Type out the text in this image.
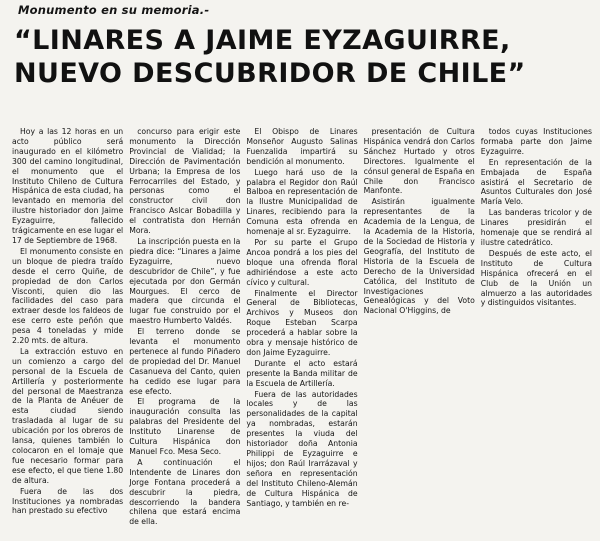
Monumento en su memoria.-
“LINARES A JAIME EYZAGUIRRE,
NUEVO DESCUBRIDOR DE CHILE”

Hoy a las 12 horas en un acto público será inaugurado en el kilómetro 300 del camino longitudinal, el monumento que el Instituto Chileno de Cultura Hispánica de esta ciudad, ha levantado en memoria del ilustre historiador don Jaime Eyzaguirre, fallecido trágicamente en ese lugar el 17 de Septiembre de 1968.

El monumento consiste en un bloque de piedra traído desde el cerro Quiñe, de propiedad de don Carlos Visconti, quien dio las facilidades del caso para extraer desde los faldeos de ese cerro este peñón que pesa 4 toneladas y mide 2.20 mts. de altura.

La extracción estuvo en un comienzo a cargo del personal de la Escuela de Artillería y posteriormente del personal de Maestranza de la Planta de Anéuer de esta ciudad siendo trasladada al lugar de su ubicación por los obreros de Iansa, quienes también lo colocaron en el lomaje que fue necesario formar para ese efecto, el que tiene 1.80 de altura.

Fuera de las dos Instituciones ya nombradas han prestado su efectivo

concurso para erigir este monumento la Dirección Provincial de Vialidad; la Dirección de Pavimentación Urbana; la Empresa de los Ferrocarriles del Estado, y personas como el constructor civil don Francisco Aslcar Bobadilla y el contratista don Hernán Mora.

La inscripción puesta en la piedra dice: “Linares a Jaime Eyzaguirre, nuevo descubridor de Chile”, y fue ejecutada por don Germán Mourgues. El cerco de madera que circunda el lugar fue construido por el maestro Humberto Valdés.

El terreno donde se levanta el monumento pertenece al fundo Piñadero de propiedad del Dr. Manuel Casanueva del Canto, quien ha cedido ese lugar para ese efecto.

El programa de la inauguración consulta las palabras del Presidente del Instituto Linarense de Cultura Hispánica don Manuel Fco. Mesa Seco.

A continuación el Intendente de Linares don Jorge Fontana procederá a descubrir la piedra, descorriendo la bandera chilena que estará encima de ella.

El Obispo de Linares Monseñor Augusto Salinas Fuenzalida impartirá su bendición al monumento.

Luego hará uso de la palabra el Regidor don Raúl Balboa en representación de la Ilustre Municipalidad de Linares, recibiendo para la Comuna esta ofrenda en homenaje al sr. Eyzaguirre.

Por su parte el Grupo Ancoa pondrá a los pies del bloque una ofrenda floral adhiriéndose a este acto cívico y cultural.

Finalmente el Director General de Bibliotecas, Archivos y Museos don Roque Esteban Scarpa procederá a hablar sobre la obra y mensaje histórico de don Jaime Eyzaguirre.

Durante el acto estará presente la Banda militar de la Escuela de Artillería.

Fuera de las autoridades locales y de las personalidades de la capital ya nombradas, estarán presentes la viuda del historiador doña Antonia Philippi de Eyzaguirre e hijos; don Raúl Irarrázaval y señora en representación del Instituto Chileno-Alemán de Cultura Hispánica de Santiago, y también en re-

presentación de Cultura Hispánica vendrá don Carlos Sánchez Hurtado y otros Directores. Igualmente el cónsul general de España en Chile don Francisco Manfonte.

Asistirán igualmente representantes de la Academia de la Lengua, de la Academia de la Historia, de la Sociedad de Historia y Geografía, del Instituto de Historia de la Escuela de Derecho de la Universidad Católica, del Instituto de Investigaciones Genealógicas y del Voto Nacional O'Higgins, de

todos cuyas Instituciones formaba parte don Jaime Eyzaguirre.

En representación de la Embajada de España asistirá el Secretario de Asuntos Culturales don José María Velo.

Las banderas tricolor y de Linares presidirán el homenaje que se rendirá al ilustre catedrático.

Después de este acto, el Instituto de Cultura Hispánica ofrecerá en el Club de la Unión un almuerzo a las autoridades y distinguidos visitantes.
